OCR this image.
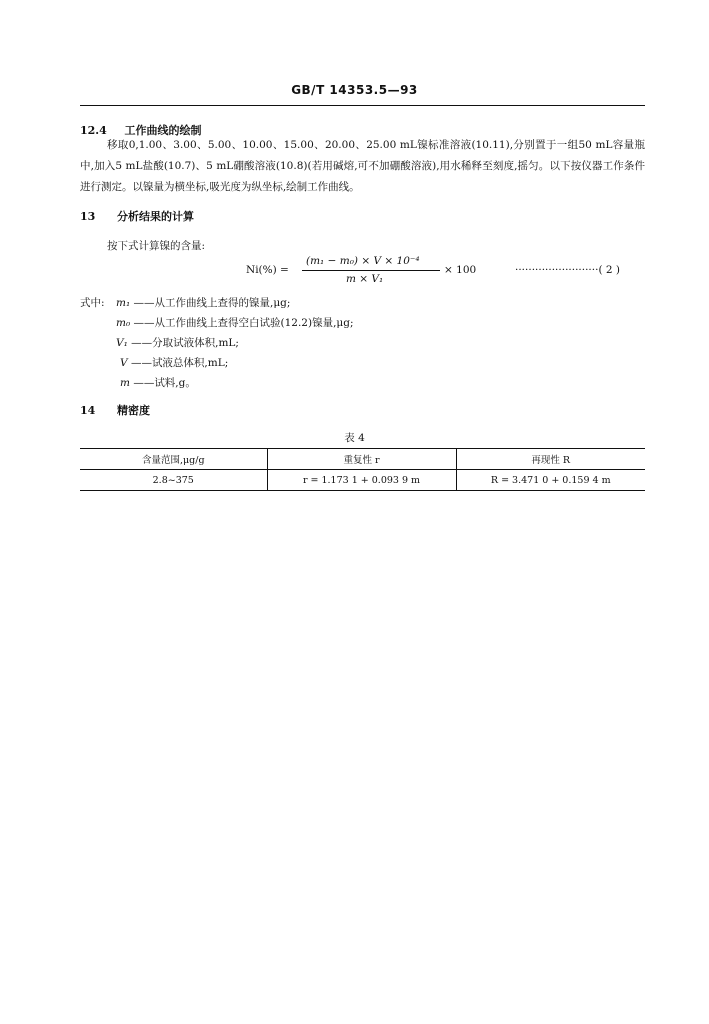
GB/T 14353.5—93
12.4 工作曲线的绘制
移取0,1.00、3.00、5.00、10.00、15.00、20.00、25.00 mL镍标准溶液(10.11),分别置于一组50 mL容量瓶中,加入5 mL盐酸(10.7)、5 mL硼酸溶液(10.8)(若用碱熔,可不加硼酸溶液),用水稀释至刻度,摇匀。以下按仪器工作条件进行测定。以镍量为横坐标,吸光度为纵坐标,绘制工作曲线。
13 分析结果的计算
按下式计算镍的含量:
Ni(%) =
(m₁ − m₀) × V × 10⁻⁴
m × V₁
× 100	·························( 2 )
式中: m₁ ——从工作曲线上查得的镍量,μg;
m₀ ——从工作曲线上查得空白试验(12.2)镍量,μg;
V₁ ——分取试液体积,mL;
V ——试液总体积,mL;
m ——试料,g。
14 精密度
表 4
含量范围,μg/g	重复性 r	再现性 R
2.8~375	r = 1.173 1 + 0.093 9 m	R = 3.471 0 + 0.159 4 m
